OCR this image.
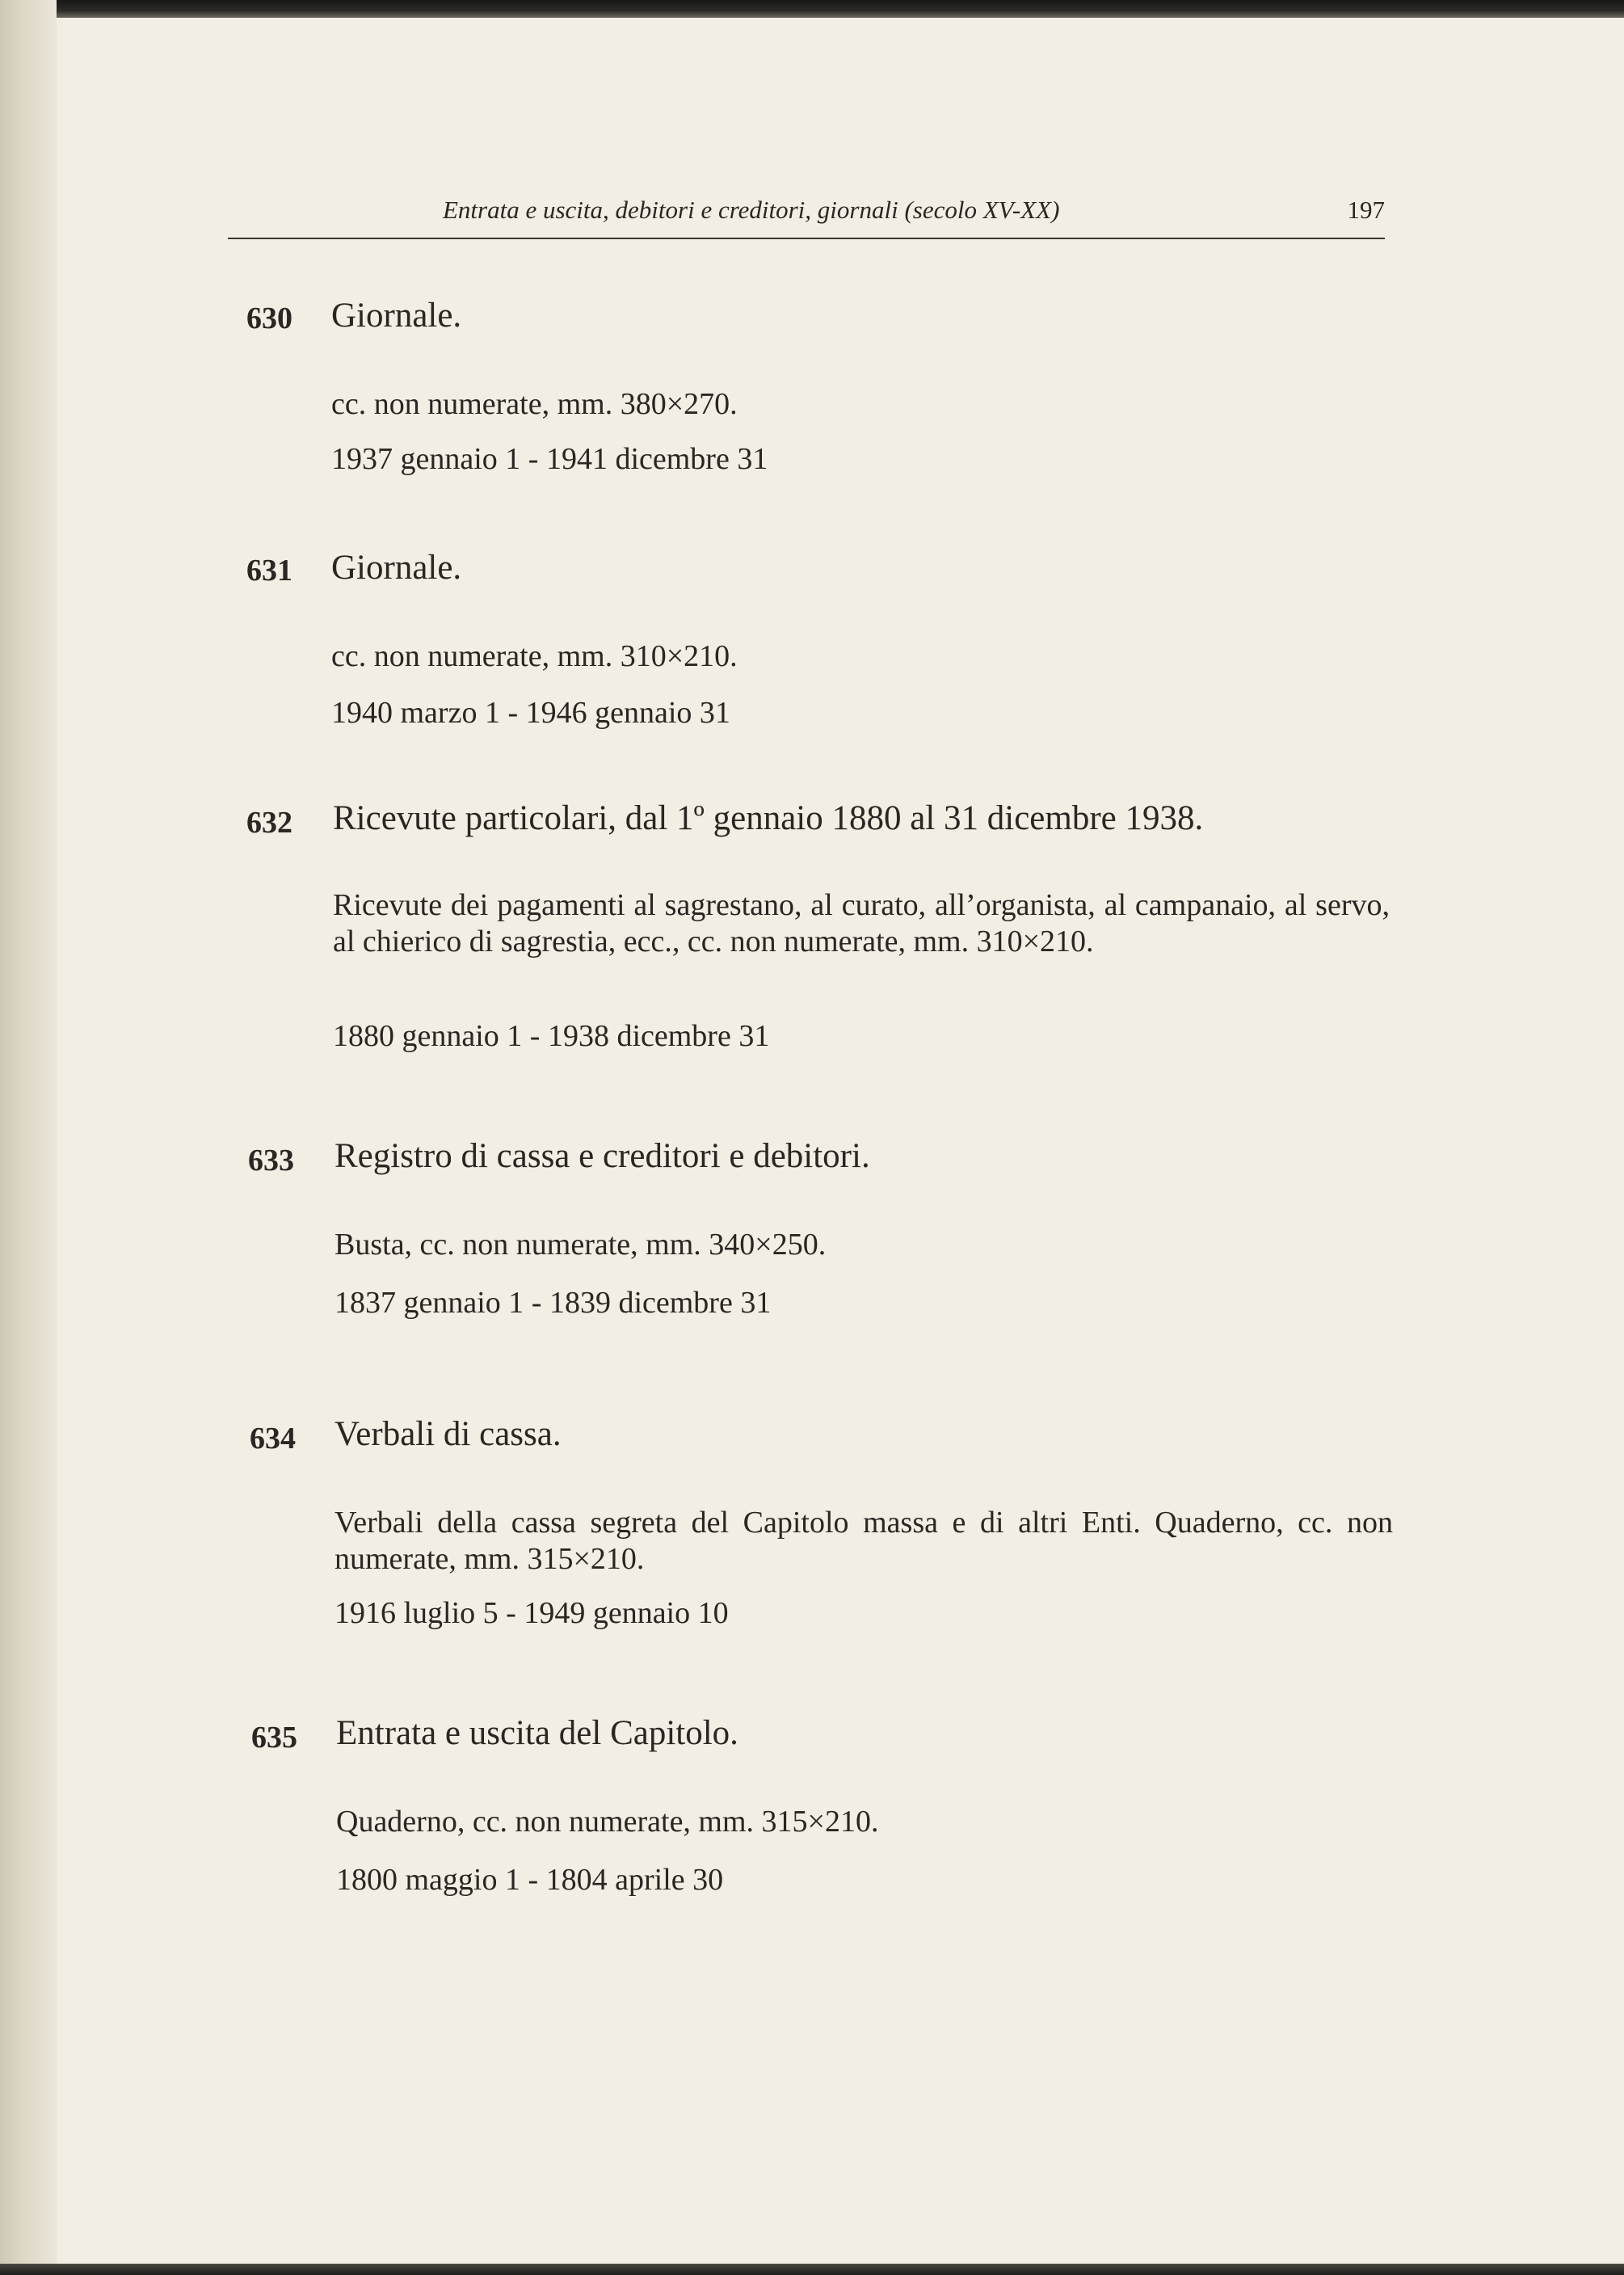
Entrata e uscita, debitori e creditori, giornali (secolo XV-XX)	197
630 Giornale.
cc. non numerate, mm. 380×270.
1937 gennaio 1 - 1941 dicembre 31
631 Giornale.
cc. non numerate, mm. 310×210.
1940 marzo 1 - 1946 gennaio 31
632 Ricevute particolari, dal 1º gennaio 1880 al 31 dicembre 1938.
Ricevute dei pagamenti al sagrestano, al curato, all’organista, al campanaio, al servo, al chierico di sagrestia, ecc., cc. non numerate, mm. 310×210.
1880 gennaio 1 - 1938 dicembre 31
633 Registro di cassa e creditori e debitori.
Busta, cc. non numerate, mm. 340×250.
1837 gennaio 1 - 1839 dicembre 31
634 Verbali di cassa.
Verbali della cassa segreta del Capitolo massa e di altri Enti. Quaderno, cc. non numerate, mm. 315×210.
1916 luglio 5 - 1949 gennaio 10
635 Entrata e uscita del Capitolo.
Quaderno, cc. non numerate, mm. 315×210.
1800 maggio 1 - 1804 aprile 30
